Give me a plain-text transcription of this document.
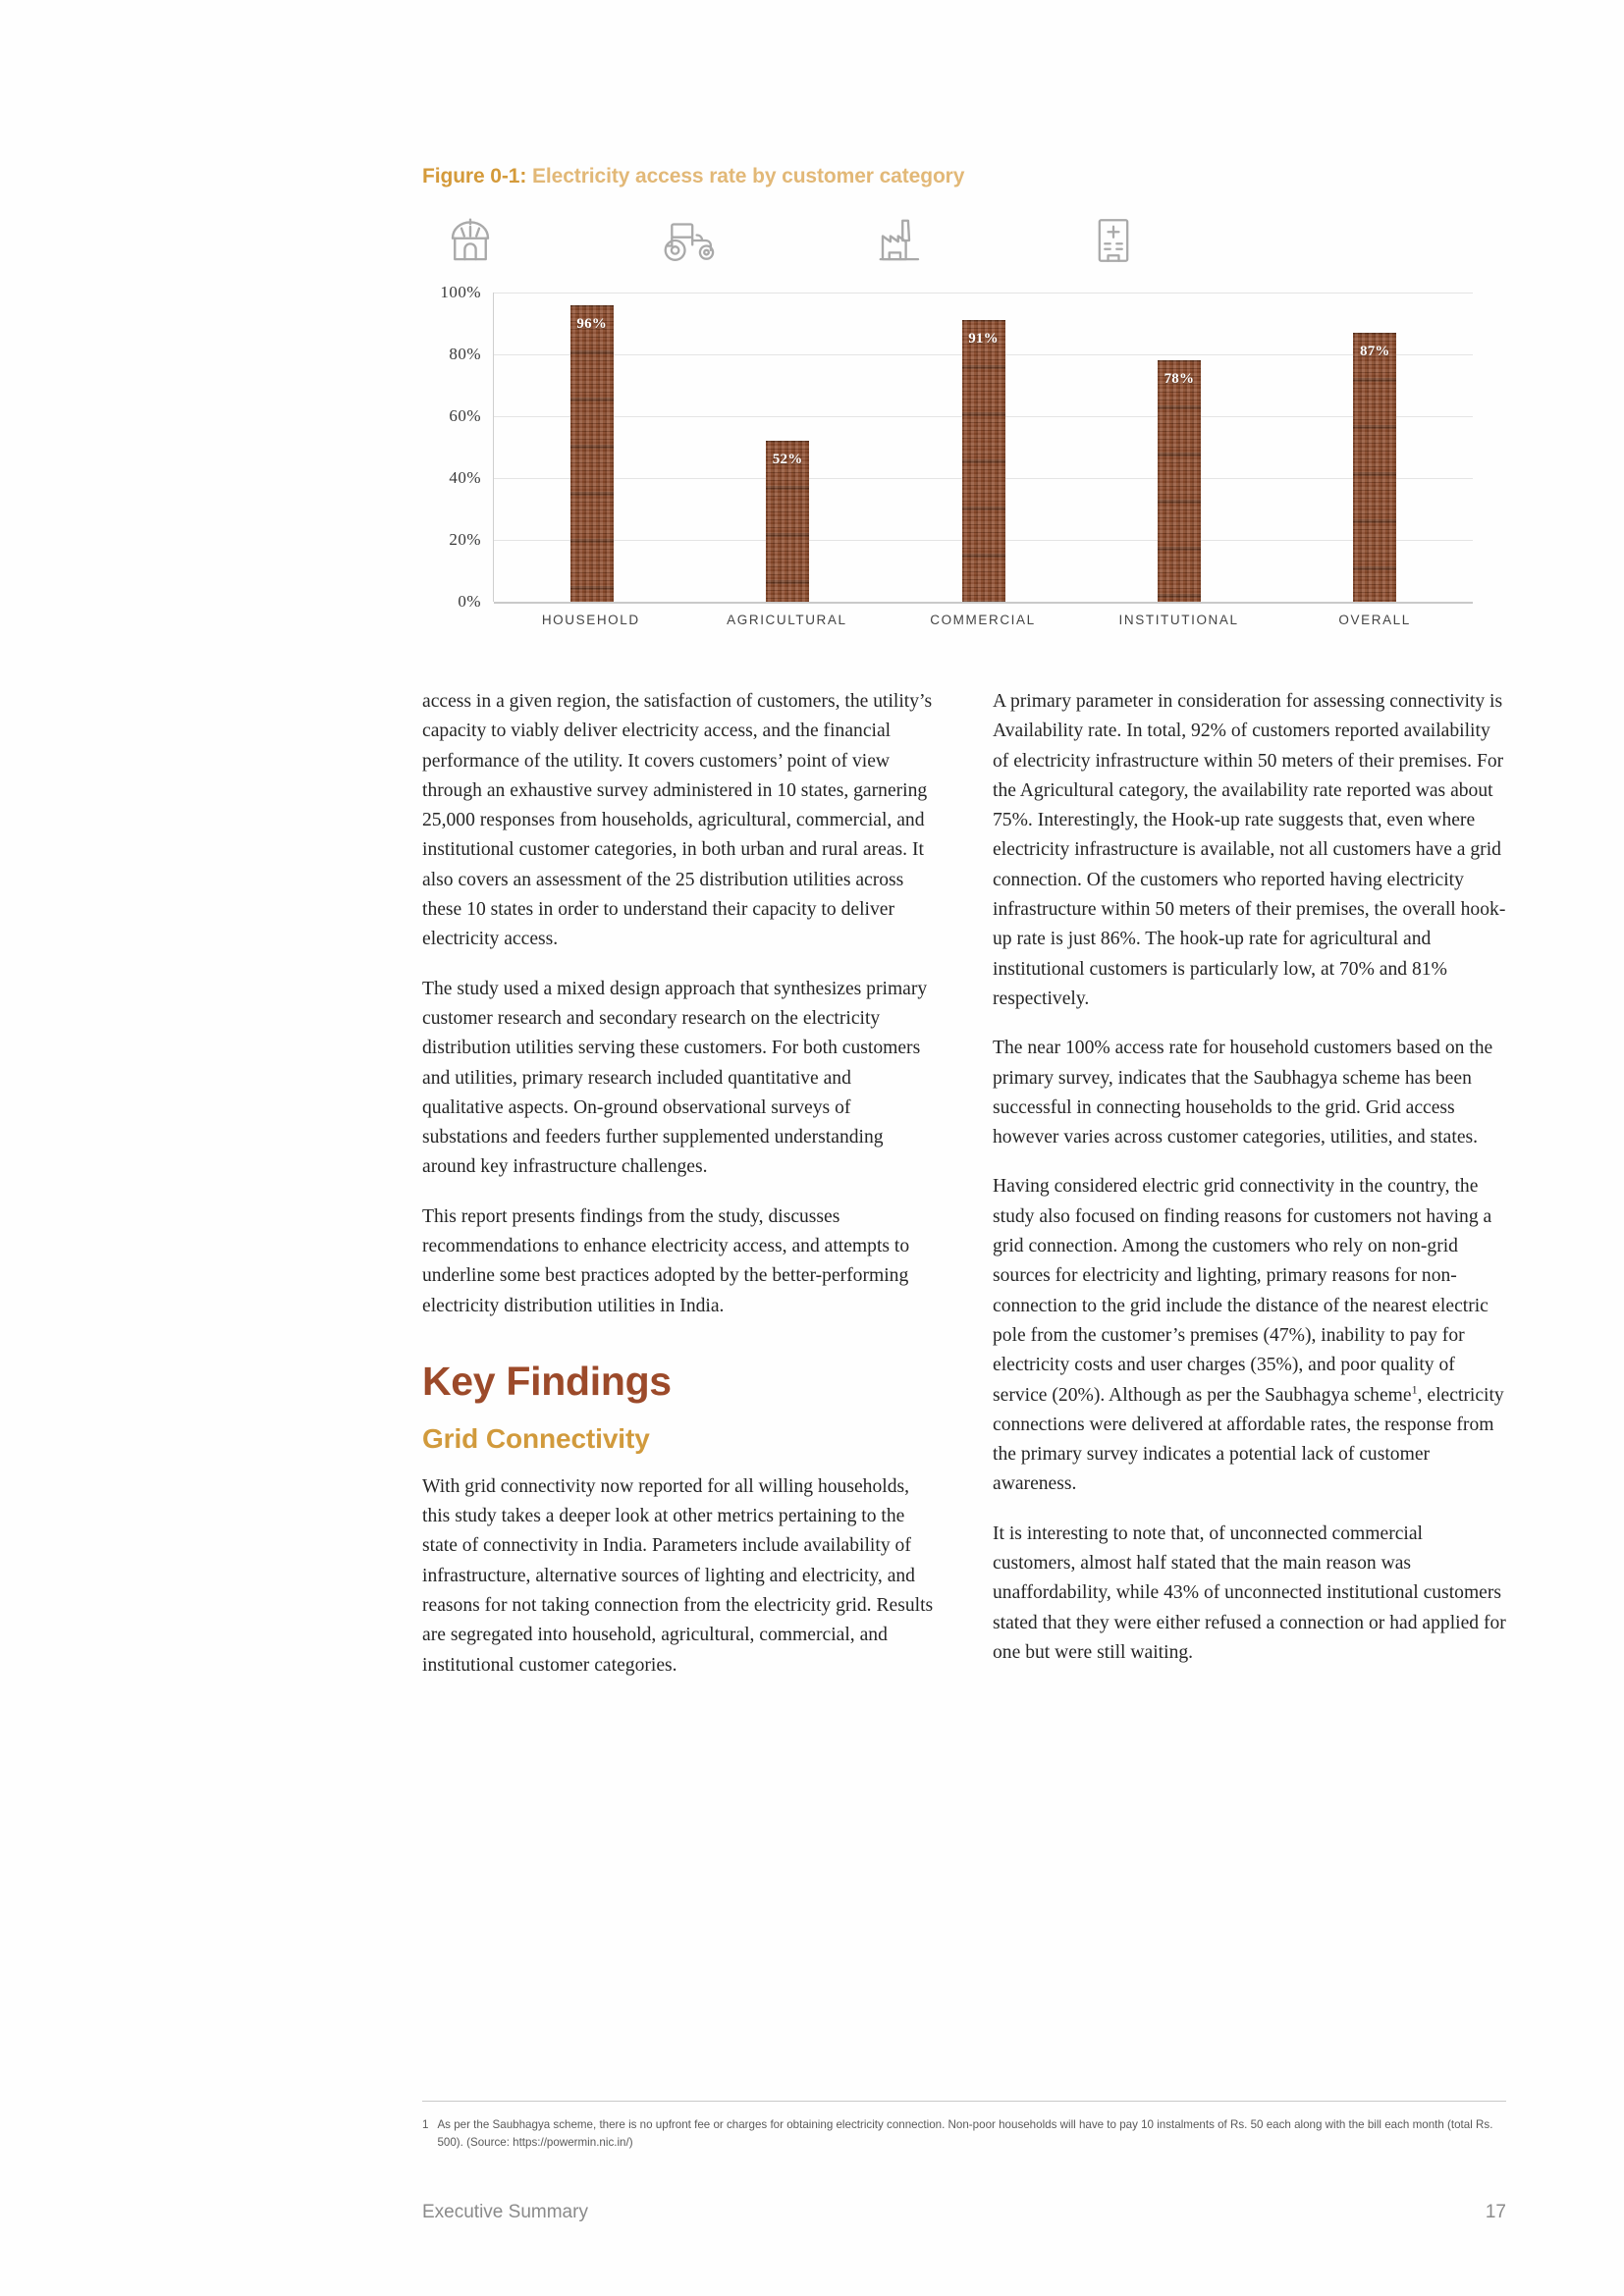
Figure 0-1: Electricity access rate by customer category
100%
80%
60%
40%
20%
0%
96%
52%
91%
78%
87%
HOUSEHOLD	AGRICULTURAL	COMMERCIAL	INSTITUTIONAL	OVERALL

access in a given region, the satisfaction of customers, the utility’s capacity to viably deliver electricity access, and the financial performance of the utility. It covers customers’ point of view through an exhaustive survey administered in 10 states, garnering 25,000 responses from households, agricultural, commercial, and institutional customer categories, in both urban and rural areas. It also covers an assessment of the 25 distribution utilities across these 10 states in order to understand their capacity to deliver electricity access.

The study used a mixed design approach that synthesizes primary customer research and secondary research on the electricity distribution utilities serving these customers. For both customers and utilities, primary research included quantitative and qualitative aspects. On-ground observational surveys of substations and feeders further supplemented understanding around key infrastructure challenges.

This report presents findings from the study, discusses recommendations to enhance electricity access, and attempts to underline some best practices adopted by the better-performing electricity distribution utilities in India.

Key Findings
Grid Connectivity

With grid connectivity now reported for all willing households, this study takes a deeper look at other metrics pertaining to the state of connectivity in India. Parameters include availability of infrastructure, alternative sources of lighting and electricity, and reasons for not taking connection from the electricity grid. Results are segregated into household, agricultural, commercial, and institutional customer categories.

A primary parameter in consideration for assessing connectivity is Availability rate. In total, 92% of customers reported availability of electricity infrastructure within 50 meters of their premises. For the Agricultural category, the availability rate reported was about 75%. Interestingly, the Hook-up rate suggests that, even where electricity infrastructure is available, not all customers have a grid connection. Of the customers who reported having electricity infrastructure within 50 meters of their premises, the overall hook-up rate is just 86%. The hook-up rate for agricultural and institutional customers is particularly low, at 70% and 81% respectively.

The near 100% access rate for household customers based on the primary survey, indicates that the Saubhagya scheme has been successful in connecting households to the grid. Grid access however varies across customer categories, utilities, and states.

Having considered electric grid connectivity in the country, the study also focused on finding reasons for customers not having a grid connection. Among the customers who rely on non-grid sources for electricity and lighting, primary reasons for non-connection to the grid include the distance of the nearest electric pole from the customer’s premises (47%), inability to pay for electricity costs and user charges (35%), and poor quality of service (20%). Although as per the Saubhagya scheme$^1$, electricity connections were delivered at affordable rates, the response from the primary survey indicates a potential lack of customer awareness.

It is interesting to note that, of unconnected commercial customers, almost half stated that the main reason was unaffordability, while 43% of unconnected institutional customers stated that they were either refused a connection or had applied for one but were still waiting.

1 As per the Saubhagya scheme, there is no upfront fee or charges for obtaining electricity connection. Non-poor households will have to pay 10 instalments of Rs. 50 each along with the bill each month (total Rs. 500). (Source: https://powermin.nic.in/)
Executive Summary	17
